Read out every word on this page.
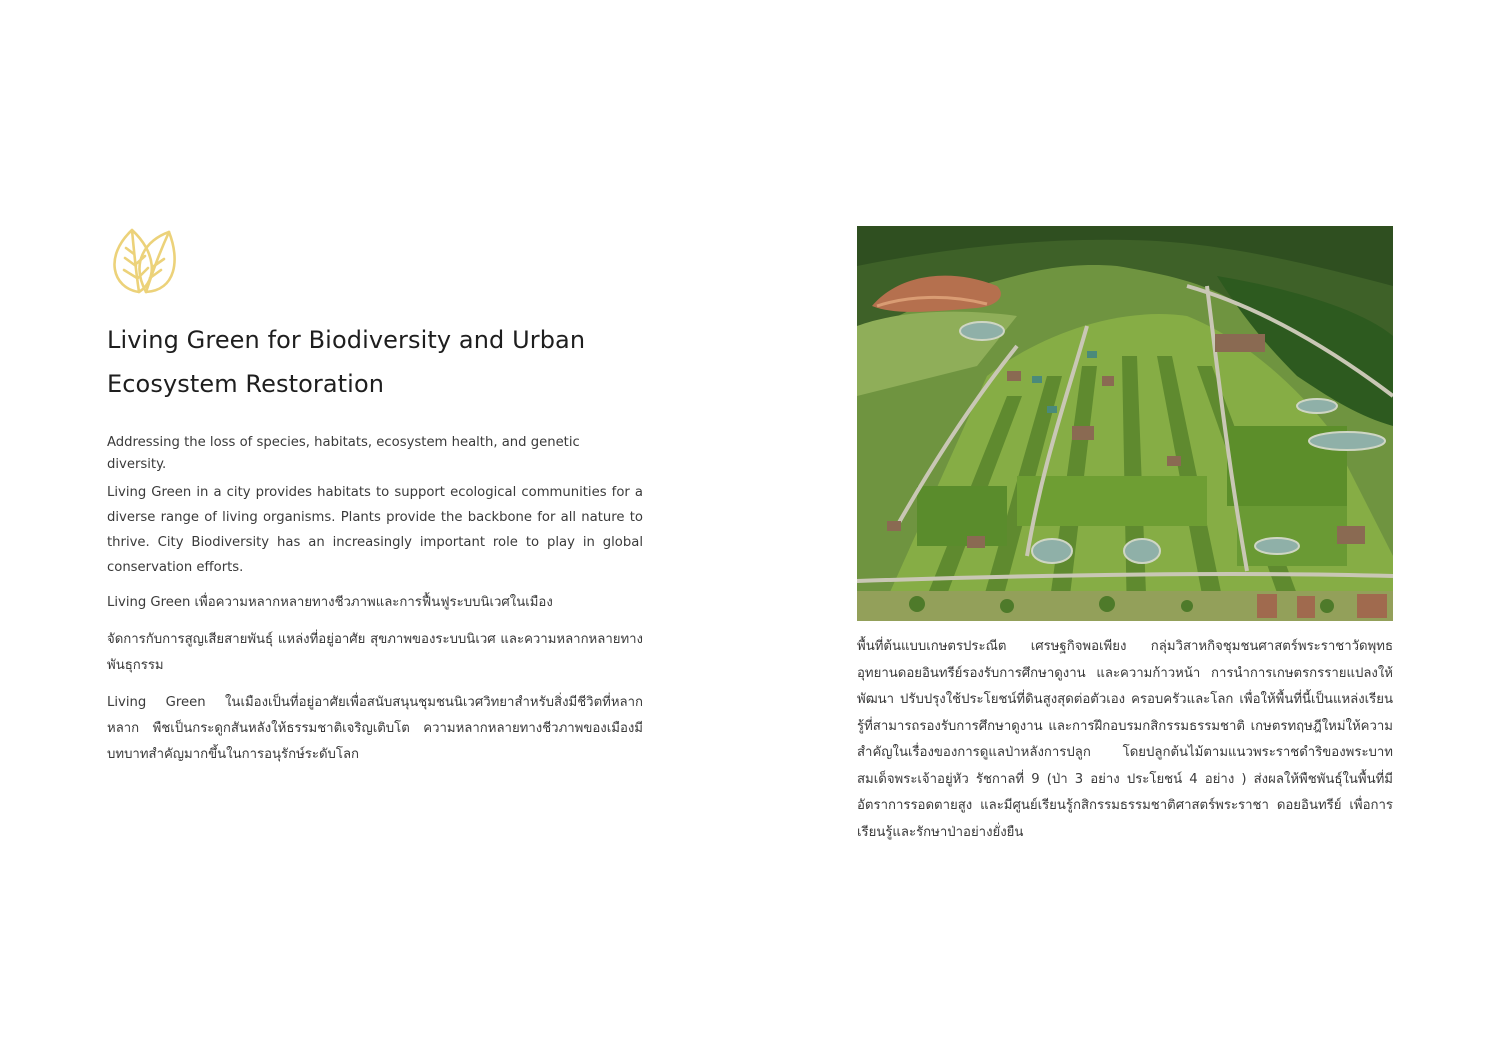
Living Green for Biodiversity and Urban Ecosystem Restoration

Addressing the loss of species, habitats, ecosystem health, and genetic diversity.

Living Green in a city provides habitats to support ecological communities for a diverse range of living organisms. Plants provide the backbone for all nature to thrive. City Biodiversity has an increasingly important role to play in global conservation efforts.

Living Green เพื่อความหลากหลายทางชีวภาพและการฟื้นฟูระบบนิเวศในเมือง

จัดการกับการสูญเสียสายพันธุ์ แหล่งที่อยู่อาศัย สุขภาพของระบบนิเวศ และความหลากหลายทางพันธุกรรม

Living Green ในเมืองเป็นที่อยู่อาศัยเพื่อสนับสนุนชุมชนนิเวศวิทยาสำหรับสิ่งมีชีวิตที่หลากหลาก พืชเป็นกระดูกสันหลังให้ธรรมชาติเจริญเติบโต ความหลากหลายทางชีวภาพของเมืองมีบทบาทสำคัญมากขึ้นในการอนุรักษ์ระดับโลก

พื้นที่ต้นแบบเกษตรประณีต เศรษฐกิจพอเพียง กลุ่มวิสาหกิจชุมชนศาสตร์พระราชาวัดพุทธอุทยานดอยอินทรีย์รองรับการศึกษาดูงาน และความก้าวหน้า การนำการเกษตรกรรายแปลงให้พัฒนา ปรับปรุงใช้ประโยชน์ที่ดินสูงสุดต่อตัวเอง ครอบครัวและโลก เพื่อให้พื้นที่นี้เป็นแหล่งเรียนรู้ที่สามารถรองรับการศึกษาดูงาน และการฝึกอบรมกสิกรรมธรรมชาติ เกษตรทฤษฎีใหม่ให้ความสำคัญในเรื่องของการดูแลป่าหลังการปลูก โดยปลูกต้นไม้ตามแนวพระราชดำริของพระบาทสมเด็จพระเจ้าอยู่หัว รัชกาลที่ 9 (ป่า 3 อย่าง ประโยชน์ 4 อย่าง ) ส่งผลให้พืชพันธุ์ในพื้นที่มีอัตราการรอดตายสูง และมีศูนย์เรียนรู้กสิกรรมธรรมชาติศาสตร์พระราชา ดอยอินทรีย์ เพื่อการเรียนรู้และรักษาป่าอย่างยั่งยืน
